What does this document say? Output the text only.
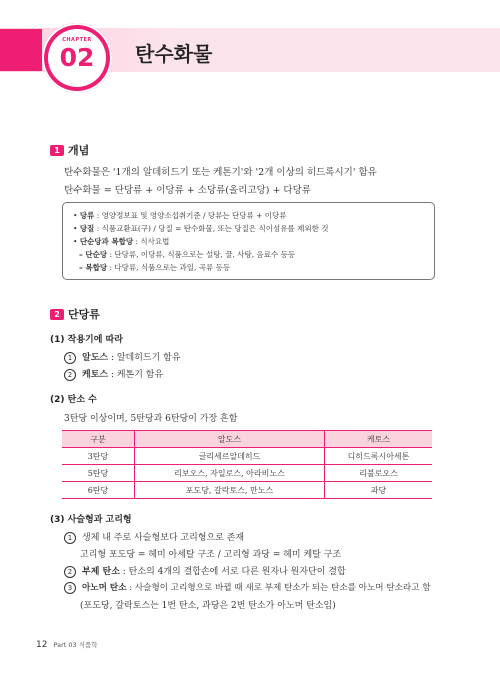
CHAPTER
02	탄수화물
1 개념
탄수화물은 '1개의 알데히드기 또는 케톤기'와 '2개 이상의 히드록시기' 함유
탄수화물 = 단당류 + 이당류 + 소당류(올리고당) + 다당류
• 당류 : 영양정보표 및 영양소섭취기준 / 당류는 단당류 + 이당류
• 당질 : 식품교환표(구) / 당질 = 탄수화물, 또는 당질은 식이섬유를 제외한 것
• 단순당과 복합당 : 식사요법
– 단순당 : 단당류, 이당류, 식품으로는 설탕, 꿀, 사탕, 음료수 등등
– 복합당 : 다당류, 식품으로는 과일, 곡류 등등
2 단당류
(1) 작용기에 따라
1 알도스 : 알데히드기 함유
2 케토스 : 케톤기 함유
(2) 탄소 수
3탄당 이상이며, 5탄당과 6탄당이 가장 흔함
구분	알도스	케토스
3탄당	글리세르알데히드	디히드록시아세톤
5탄당	리보오스, 자일로스, 아라비노스	리불로오스
6탄당	포도당, 갈락토스, 만노스	과당
(3) 사슬형과 고리형
1 생체 내 주로 사슬형보다 고리형으로 존재
고리형 포도당 = 헤미 아세탈 구조 / 고리형 과당 = 헤미 케탈 구조
2 부제 탄소 : 탄소의 4개의 결합손에 서로 다른 원자나 원자단이 결합
3 아노머 탄소 : 사슬형이 고리형으로 바뀔 때 새로 부제 탄소가 되는 탄소를 아노머 탄소라고 함
(포도당, 갈락토스는 1번 탄소, 과당은 2번 탄소가 아노머 탄소임)
12 Part 03 식품학
